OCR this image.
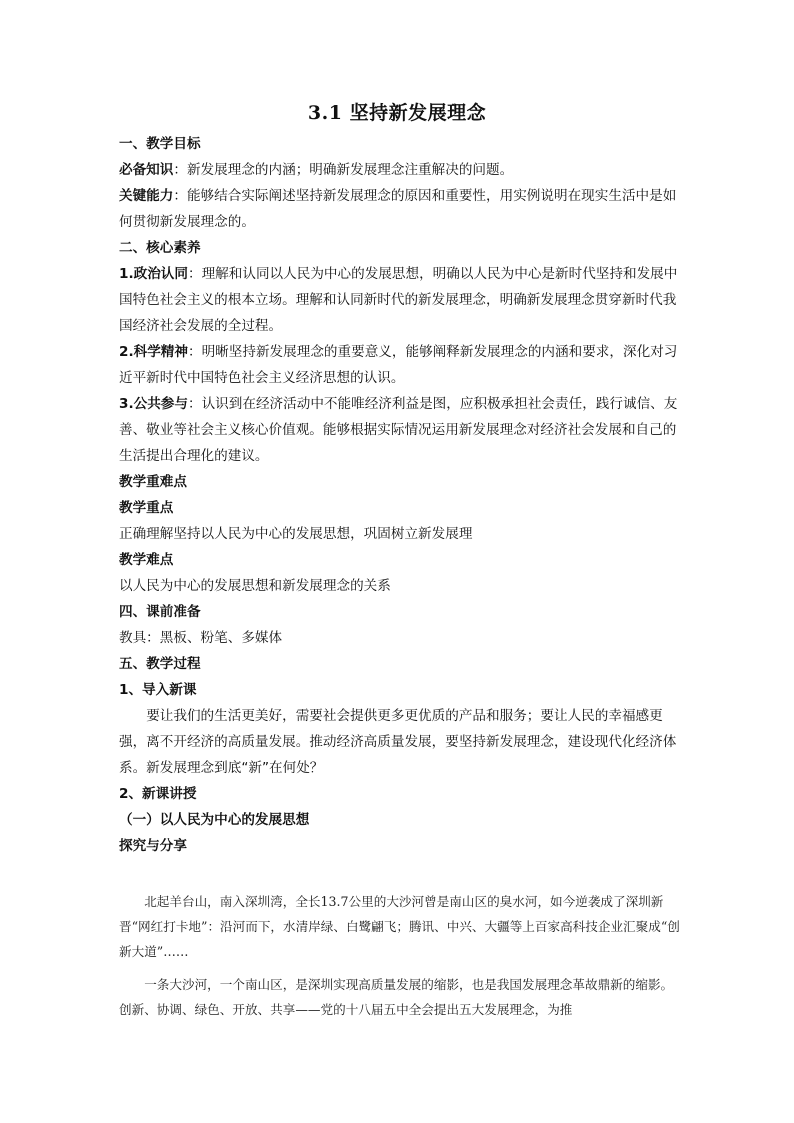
3.1 坚持新发展理念

一、教学目标

必备知识：新发展理念的内涵；明确新发展理念注重解决的问题。

关键能力：能够结合实际阐述坚持新发展理念的原因和重要性，用实例说明在现实生活中是如何贯彻新发展理念的。

二、核心素养

1.政治认同：理解和认同以人民为中心的发展思想，明确以人民为中心是新时代坚持和发展中国特色社会主义的根本立场。理解和认同新时代的新发展理念，明确新发展理念贯穿新时代我国经济社会发展的全过程。

2.科学精神：明晰坚持新发展理念的重要意义，能够阐释新发展理念的内涵和要求，深化对习近平新时代中国特色社会主义经济思想的认识。

3.公共参与：认识到在经济活动中不能唯经济利益是图，应积极承担社会责任，践行诚信、友善、敬业等社会主义核心价值观。能够根据实际情况运用新发展理念对经济社会发展和自己的生活提出合理化的建议。

教学重难点

教学重点

正确理解坚持以人民为中心的发展思想，巩固树立新发展理

教学难点

以人民为中心的发展思想和新发展理念的关系

四、课前准备

教具：黑板、粉笔、多媒体

五、教学过程

1、导入新课

要让我们的生活更美好，需要社会提供更多更优质的产品和服务；要让人民的幸福感更强，离不开经济的高质量发展。推动经济高质量发展，要坚持新发展理念，建设现代化经济体系。新发展理念到底“新”在何处？

2、新课讲授

（一）以人民为中心的发展思想

探究与分享

北起羊台山，南入深圳湾，全长13.7公里的大沙河曾是南山区的臭水河，如今逆袭成了深圳新晋“网红打卡地”：沿河而下，水清岸绿、白鹭翩飞；腾讯、中兴、大疆等上百家高科技企业汇聚成“创新大道”……

一条大沙河，一个南山区，是深圳实现高质量发展的缩影，也是我国发展理念革故鼎新的缩影。创新、协调、绿色、开放、共享——党的十八届五中全会提出五大发展理念，为推
